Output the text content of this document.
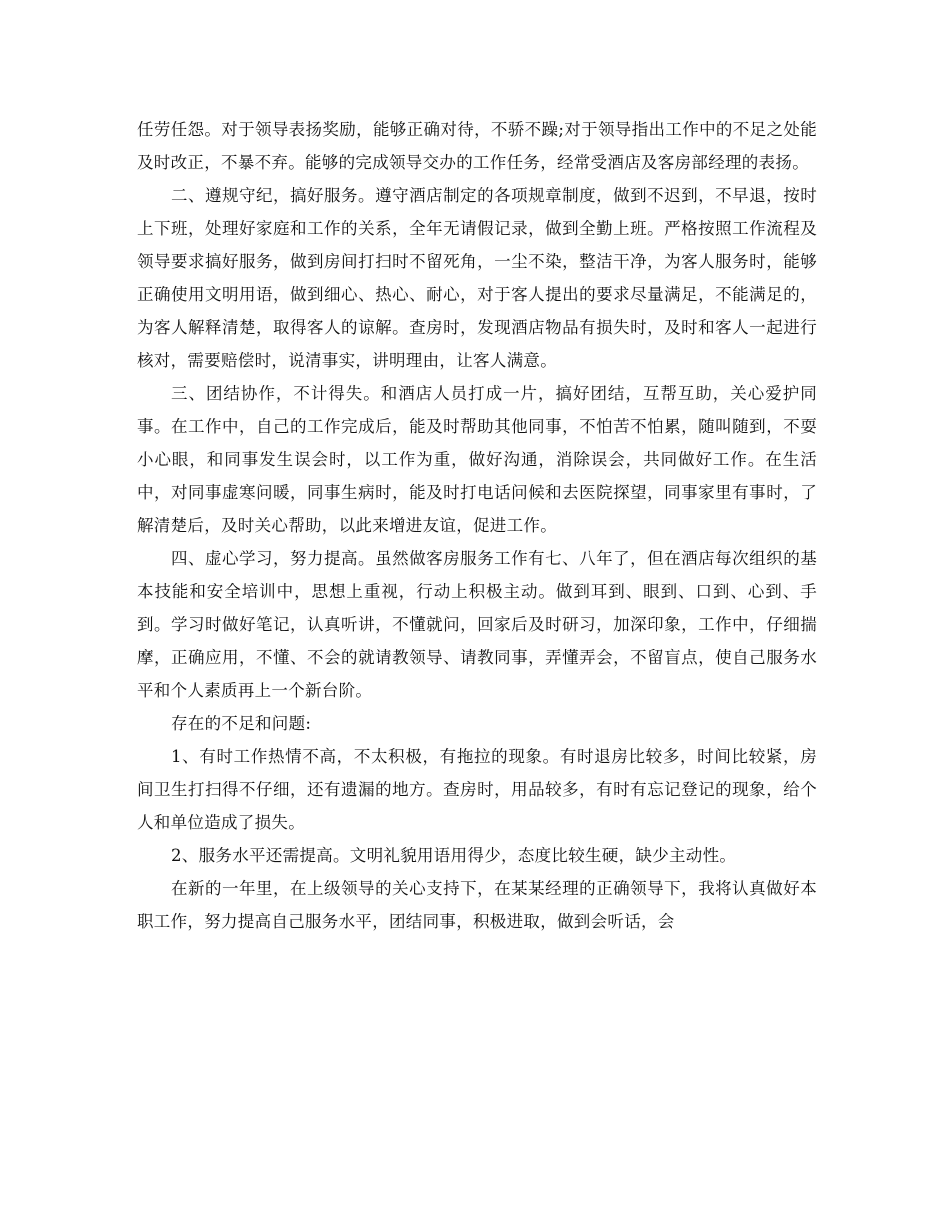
任劳任怨。对于领导表扬奖励，能够正确对待，不骄不躁;对于领导指出工作中的不足之处能及时改正，不暴不弃。能够的完成领导交办的工作任务，经常受酒店及客房部经理的表扬。

二、遵规守纪，搞好服务。遵守酒店制定的各项规章制度，做到不迟到，不早退，按时上下班，处理好家庭和工作的关系，全年无请假记录，做到全勤上班。严格按照工作流程及领导要求搞好服务，做到房间打扫时不留死角，一尘不染，整洁干净，为客人服务时，能够正确使用文明用语，做到细心、热心、耐心，对于客人提出的要求尽量满足，不能满足的，为客人解释清楚，取得客人的谅解。查房时，发现酒店物品有损失时，及时和客人一起进行核对，需要赔偿时，说清事实，讲明理由，让客人满意。

三、团结协作，不计得失。和酒店人员打成一片，搞好团结，互帮互助，关心爱护同事。在工作中，自己的工作完成后，能及时帮助其他同事，不怕苦不怕累，随叫随到，不耍小心眼，和同事发生误会时，以工作为重，做好沟通，消除误会，共同做好工作。在生活中，对同事虚寒问暖，同事生病时，能及时打电话问候和去医院探望，同事家里有事时，了解清楚后，及时关心帮助，以此来增进友谊，促进工作。

四、虚心学习，努力提高。虽然做客房服务工作有七、八年了，但在酒店每次组织的基本技能和安全培训中，思想上重视，行动上积极主动。做到耳到、眼到、口到、心到、手到。学习时做好笔记，认真听讲，不懂就问，回家后及时研习，加深印象，工作中，仔细揣摩，正确应用，不懂、不会的就请教领导、请教同事，弄懂弄会，不留盲点，使自己服务水平和个人素质再上一个新台阶。

存在的不足和问题:

1、有时工作热情不高，不太积极，有拖拉的现象。有时退房比较多，时间比较紧，房间卫生打扫得不仔细，还有遗漏的地方。查房时，用品较多，有时有忘记登记的现象，给个人和单位造成了损失。

2、服务水平还需提高。文明礼貌用语用得少，态度比较生硬，缺少主动性。

在新的一年里，在上级领导的关心支持下，在某某经理的正确领导下，我将认真做好本职工作，努力提高自己服务水平，团结同事，积极进取，做到会听话，会
